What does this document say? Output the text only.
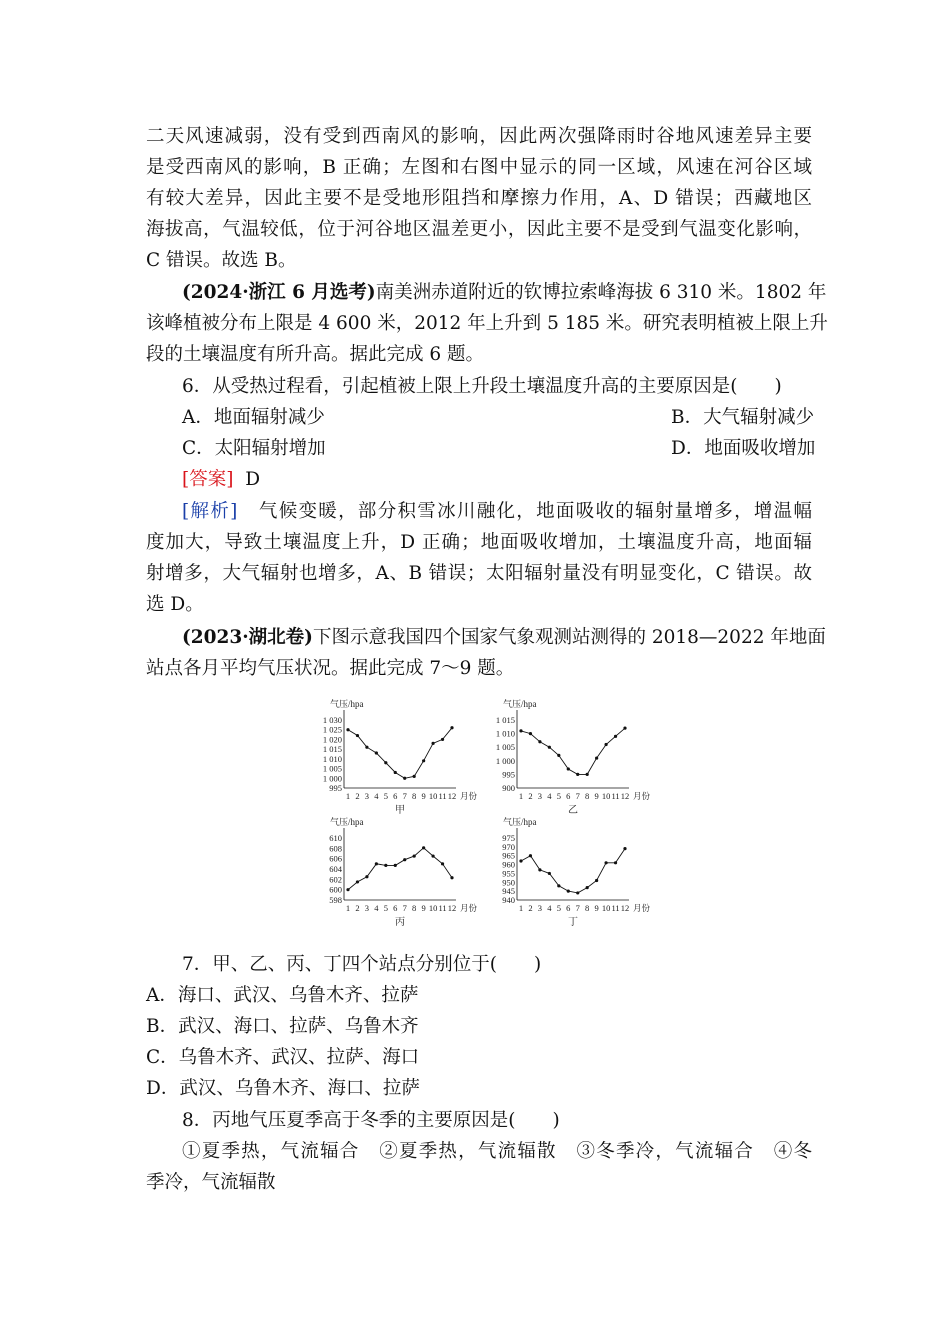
二天风速减弱，没有受到西南风的影响，因此两次强降雨时谷地风速差异主要
是受西南风的影响，B 正确；左图和右图中显示的同一区域，风速在河谷区域
有较大差异，因此主要不是受地形阻挡和摩擦力作用，A、D 错误；西藏地区
海拔高，气温较低，位于河谷地区温差更小，因此主要不是受到气温变化影响，
C 错误。故选 B。
(2024·浙江 6 月选考)南美洲赤道附近的钦博拉索峰海拔 6 310 米。1802 年
该峰植被分布上限是 4 600 米，2012 年上升到 5 185 米。研究表明植被上限上升
段的土壤温度有所升高。据此完成 6 题。
6．从受热过程看，引起植被上限上升段土壤温度升高的主要原因是(　　)
A．地面辐射减少	B．大气辐射减少
C．太阳辐射增加	D．地面吸收增加
[答案] D
[解析] 气候变暖，部分积雪冰川融化，地面吸收的辐射量增多，增温幅
度加大，导致土壤温度上升，D 正确；地面吸收增加，土壤温度升高，地面辐
射增多，大气辐射也增多，A、B 错误；太阳辐射量没有明显变化，C 错误。故
选 D。
(2023·湖北卷)下图示意我国四个国家气象观测站测得的 2018—2022 年地面
站点各月平均气压状况。据此完成 7～9 题。
气压/hpa
1 030
1 025
1 020
1 015
1 010
1 005
1 000
995
1 2 3 4 5 6 7 8 9 10 11 12 月份
甲
气压/hpa
1 015
1 010
1 005
1 000
995
900
1 2 3 4 5 6 7 8 9 10 11 12 月份
乙
气压/hpa
610
608
606
604
602
600
598
1 2 3 4 5 6 7 8 9 10 11 12 月份
丙
气压/hpa
975
970
965
960
955
950
945
940
1 2 3 4 5 6 7 8 9 10 11 12 月份
丁
7．甲、乙、丙、丁四个站点分别位于(　　)
A．海口、武汉、乌鲁木齐、拉萨
B．武汉、海口、拉萨、乌鲁木齐
C．乌鲁木齐、武汉、拉萨、海口
D．武汉、乌鲁木齐、海口、拉萨
8．丙地气压夏季高于冬季的主要原因是(　　)
①夏季热，气流辐合　②夏季热，气流辐散　③冬季冷，气流辐合　④冬
季冷，气流辐散
